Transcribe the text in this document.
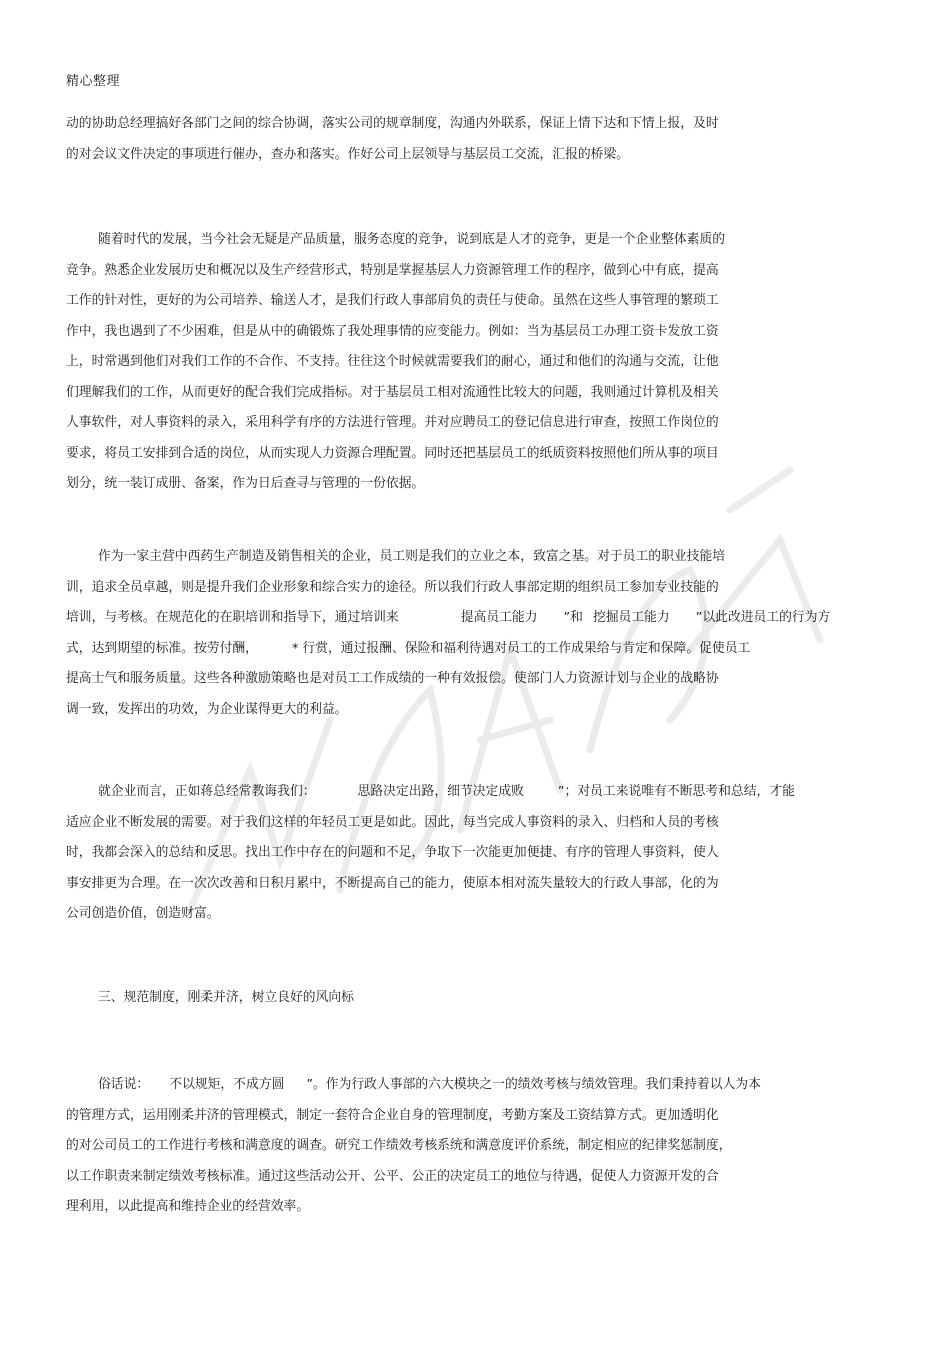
精心整理
动的协助总经理搞好各部门之间的综合协调，落实公司的规章制度，沟通内外联系，保证上情下达和下情上报，及时
的对会议文件决定的事项进行催办，查办和落实。作好公司上层领导与基层员工交流，汇报的桥梁。
随着时代的发展，当今社会无疑是产品质量，服务态度的竞争，说到底是人才的竞争，更是一个企业整体素质的
竞争。熟悉企业发展历史和概况以及生产经营形式，特别是掌握基层人力资源管理工作的程序，做到心中有底，提高
工作的针对性，更好的为公司培养、输送人才，是我们行政人事部肩负的责任与使命。虽然在这些人事管理的繁琐工
作中，我也遇到了不少困难，但是从中的确锻炼了我处理事情的应变能力。例如：当为基层员工办理工资卡发放工资
上，时常遇到他们对我们工作的不合作、不支持。往往这个时候就需要我们的耐心，通过和他们的沟通与交流，让他
们理解我们的工作，从而更好的配合我们完成指标。对于基层员工相对流通性比较大的问题，我则通过计算机及相关
人事软件，对人事资料的录入，采用科学有序的方法进行管理。并对应聘员工的登记信息进行审查，按照工作岗位的
要求，将员工安排到合适的岗位，从而实现人力资源合理配置。同时还把基层员工的纸质资料按照他们所从事的项目
划分，统一装订成册、备案，作为日后查寻与管理的一份依据。
作为一家主营中西药生产制造及销售相关的企业，员工则是我们的立业之本，致富之基。对于员工的职业技能培
训，追求全员卓越，则是提升我们企业形象和综合实力的途径。所以我们行政人事部定期的组织员工参加专业技能的
培训，与考核。在规范化的在职培训和指导下，通过培训来	提高员工能力 ”和 挖掘员工能力 ”以此改进员工的行为方
式，达到期望的标准。按劳付酬，	* 行赏，通过报酬、保险和福利待遇对员工的工作成果给与肯定和保障。促使员工
提高士气和服务质量。这些各种激励策略也是对员工工作成绩的一种有效报偿。使部门人力资源计划与企业的战略协
调一致，发挥出的功效，为企业谋得更大的利益。
就企业而言，正如蒋总经常教诲我们：	思路决定出路，细节决定成败	”；对员工来说唯有不断思考和总结，才能
适应企业不断发展的需要。对于我们这样的年轻员工更是如此。因此，每当完成人事资料的录入、归档和人员的考核
时，我都会深入的总结和反思。找出工作中存在的问题和不足，争取下一次能更加便捷、有序的管理人事资料，使人
事安排更为合理。在一次次改善和日积月累中，不断提高自己的能力，使原本相对流失量较大的行政人事部，化的为
公司创造价值，创造财富。
三、规范制度，刚柔并济，树立良好的风向标
俗话说： 不以规矩，不成方圆 ”。作为行政人事部的六大模块之一的绩效考核与绩效管理。我们秉持着以人为本
的管理方式，运用刚柔并济的管理模式，制定一套符合企业自身的管理制度，考勤方案及工资结算方式。更加透明化
的对公司员工的工作进行考核和满意度的调查。研究工作绩效考核系统和满意度评价系统，制定相应的纪律奖惩制度，
以工作职责来制定绩效考核标准。通过这些活动公开、公平、公正的决定员工的地位与待遇，促使人力资源开发的合
理利用，以此提高和维持企业的经营效率。
